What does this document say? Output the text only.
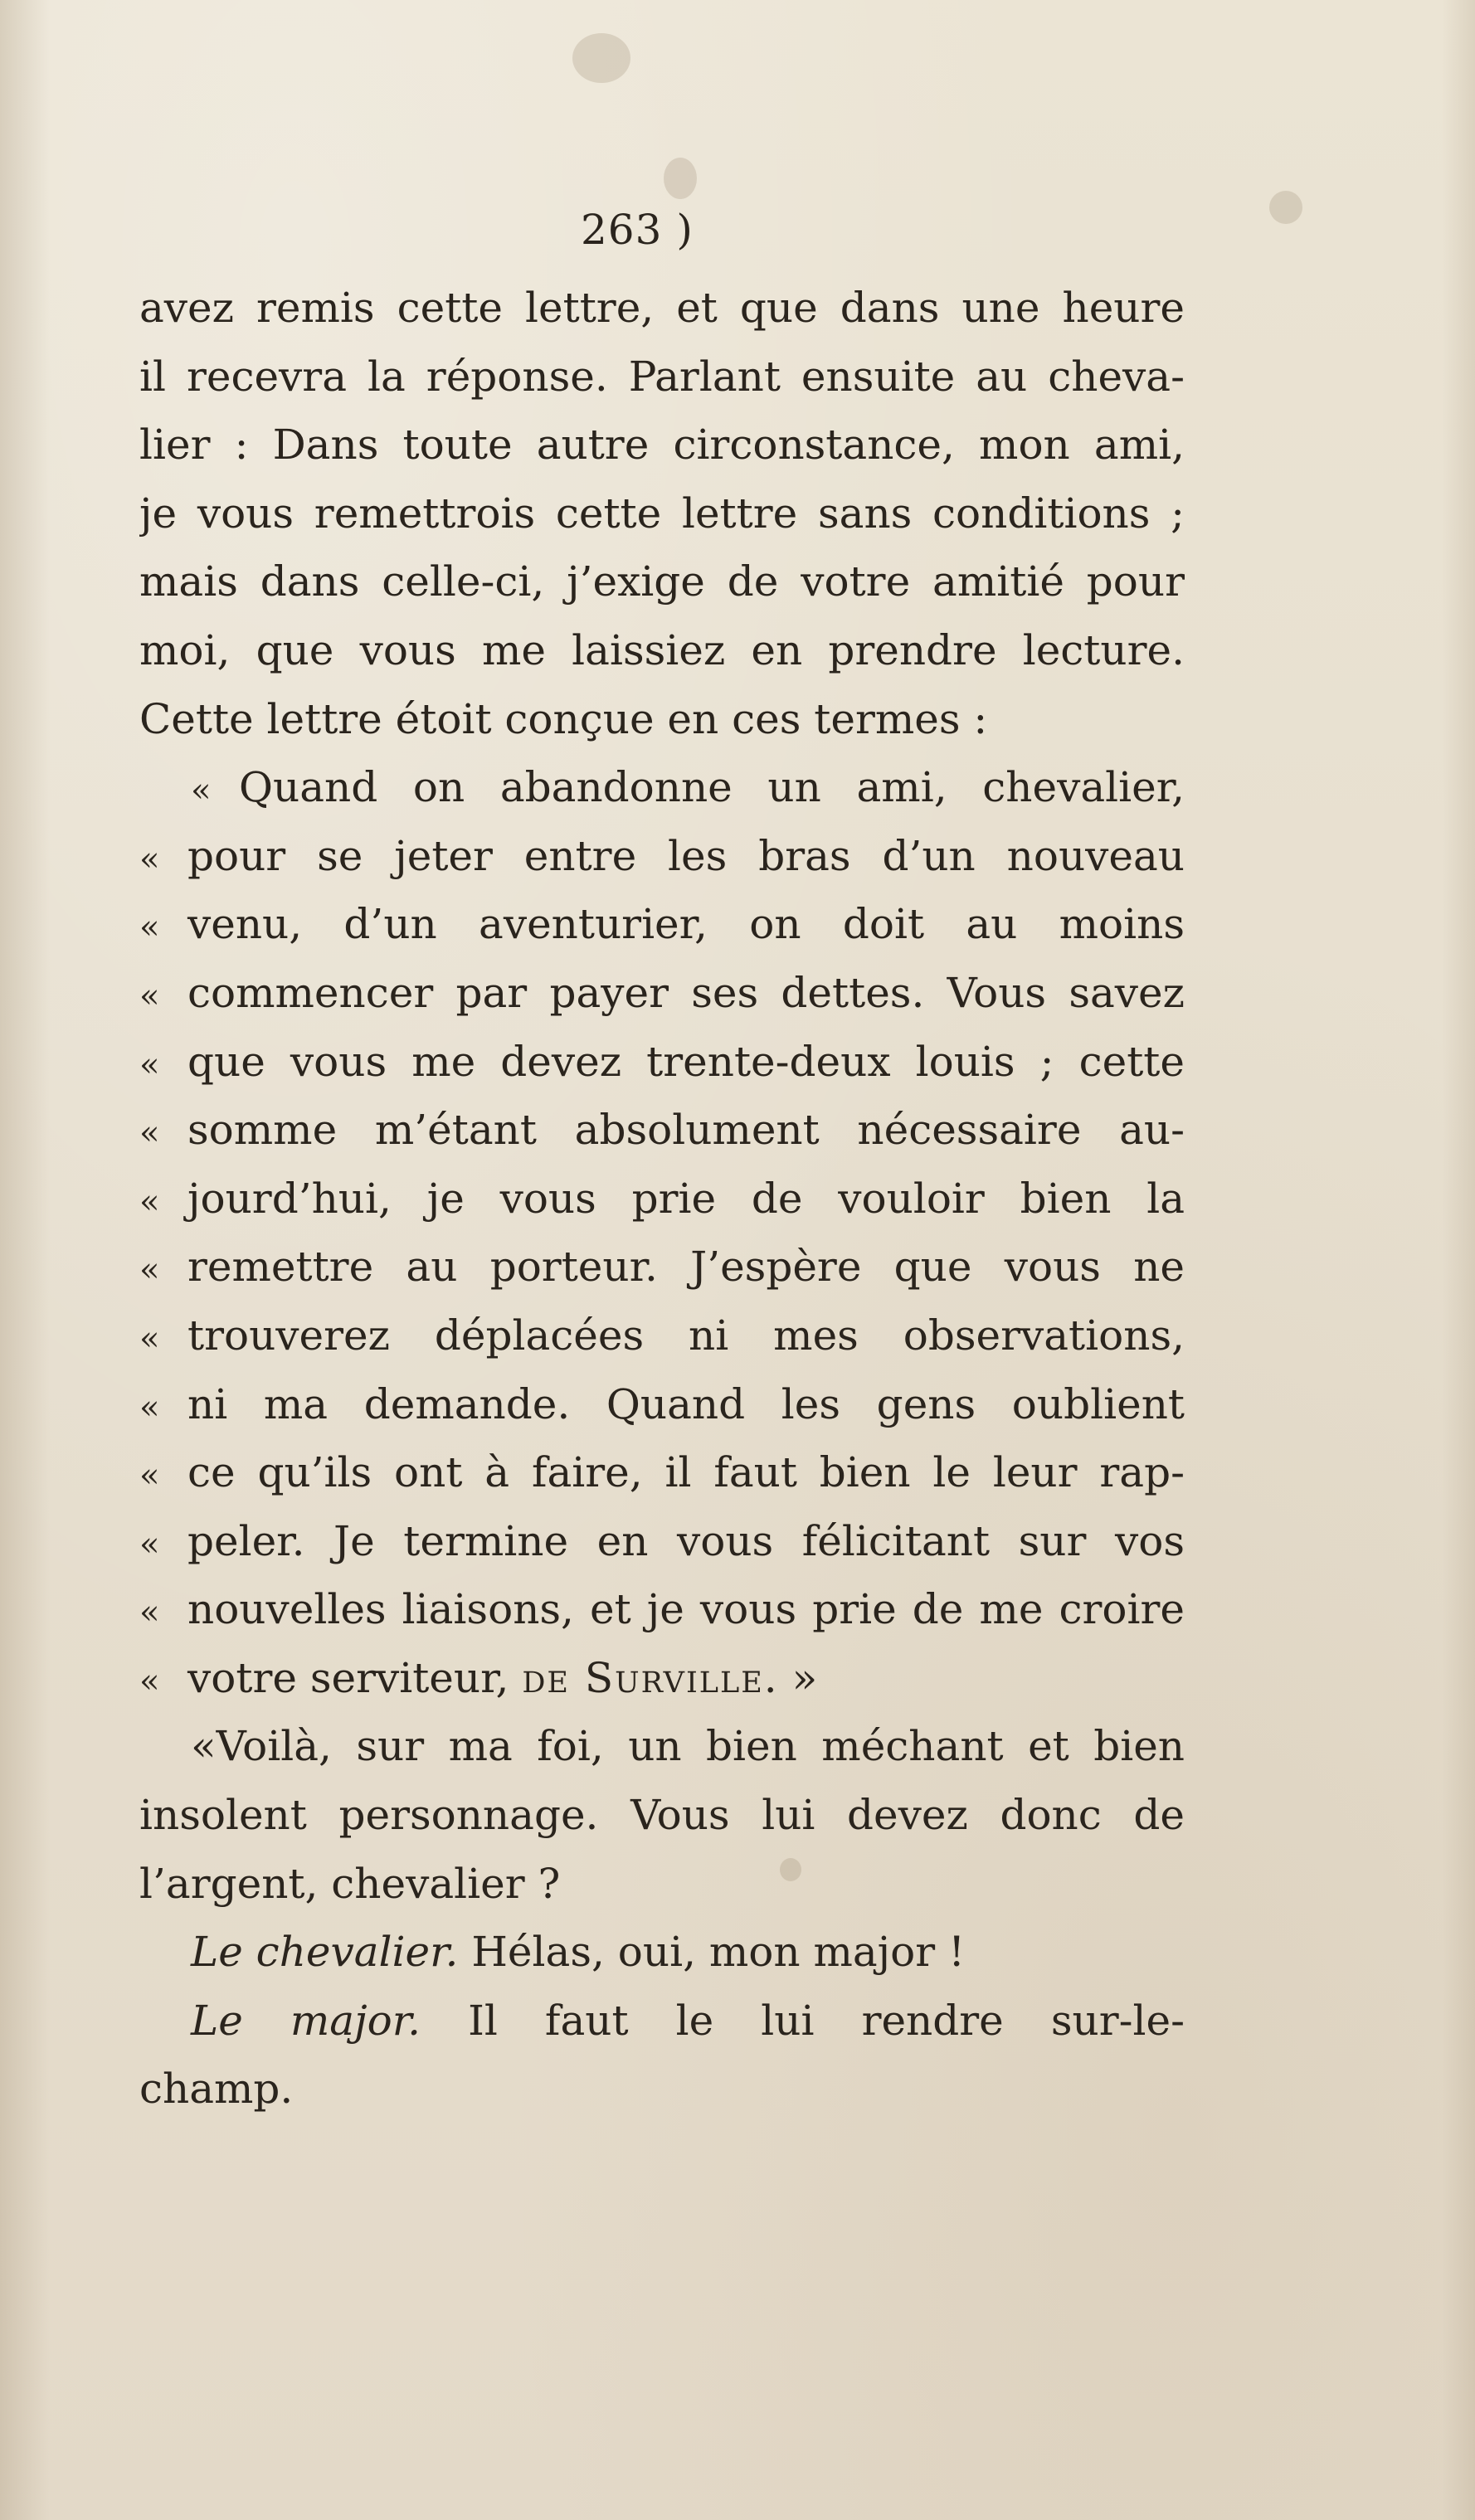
263 )
avez remis cette lettre, et que dans une heure
il recevra la réponse. Parlant ensuite au cheva-
lier : Dans toute autre circonstance, mon ami,
je vous remettrois cette lettre sans conditions ;
mais dans celle-ci, j’exige de votre amitié pour
moi, que vous me laissiez en prendre lecture.
Cette lettre étoit conçue en ces termes :
« Quand on abandonne un ami, chevalier,
« pour se jeter entre les bras d’un nouveau
« venu, d’un aventurier, on doit au moins
« commencer par payer ses dettes. Vous savez
« que vous me devez trente-deux louis ; cette
« somme m’étant absolument nécessaire au-
« jourd’hui, je vous prie de vouloir bien la
« remettre au porteur. J’espère que vous ne
« trouverez déplacées ni mes observations,
« ni ma demande. Quand les gens oublient
« ce qu’ils ont à faire, il faut bien le leur rap-
« peler. Je termine en vous félicitant sur vos
« nouvelles liaisons, et je vous prie de me croire
« votre serviteur, de Surville. »
«Voilà, sur ma foi, un bien méchant et bien
insolent personnage. Vous lui devez donc de
l’argent, chevalier ?
Le chevalier. Hélas, oui, mon major !
Le major. Il faut le lui rendre sur-le-
champ.
